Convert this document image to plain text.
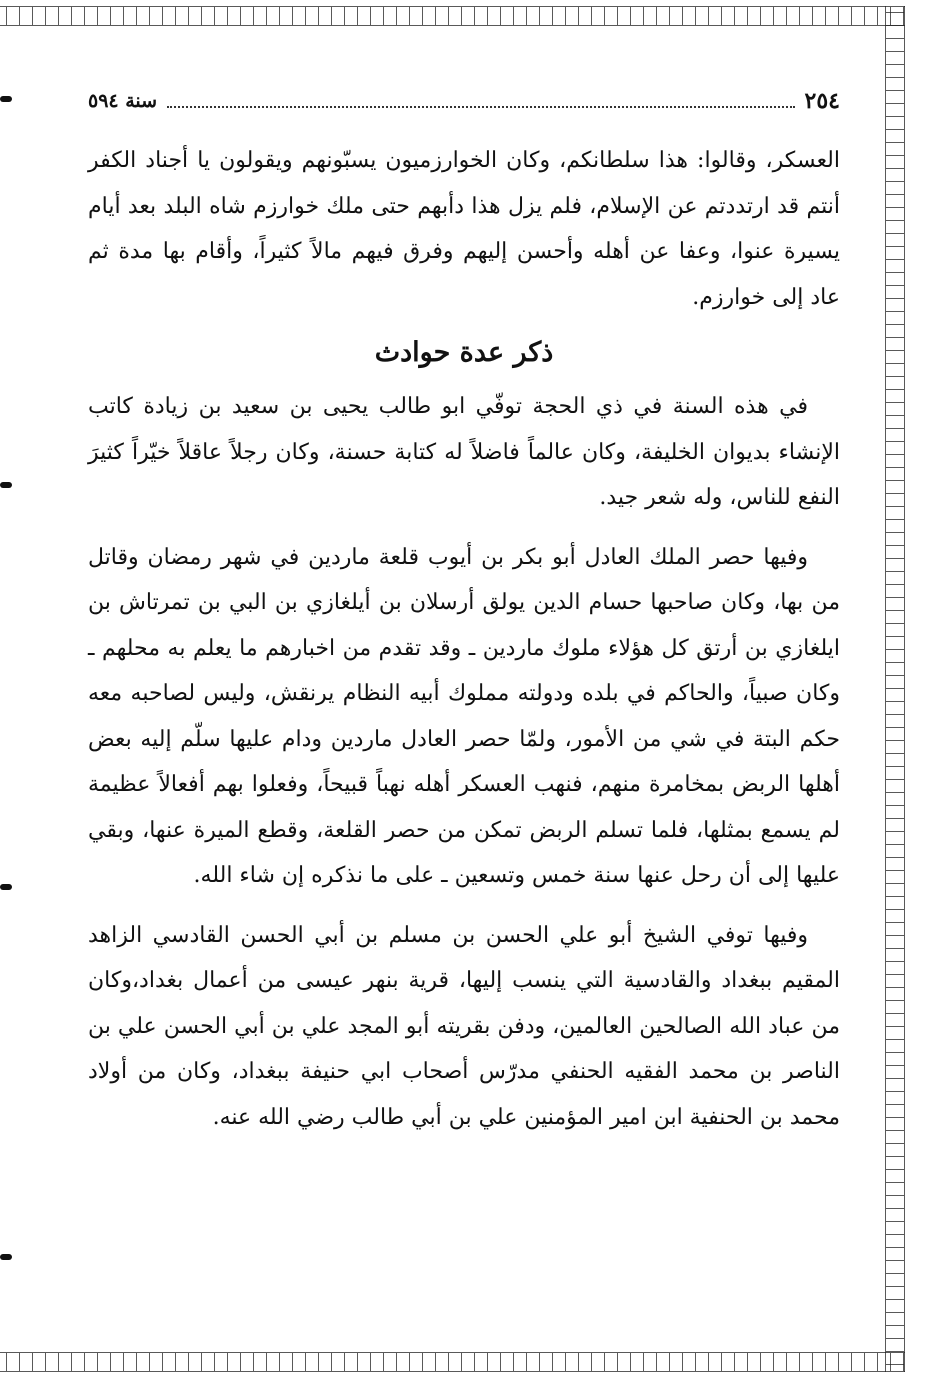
٢٥٤
سنة ٥٩٤

العسكر، وقالوا: هذا سلطانكم، وكان الخوارزميون يسبّونهم ويقولون يا أجناد الكفر أنتم قد ارتددتم عن الإسلام، فلم يزل هذا دأبهم حتى ملك خوارزم شاه البلد بعد أيام يسيرة عنوا، وعفا عن أهله وأحسن إليهم وفرق فيهم مالاً كثيراً، وأقام بها مدة ثم عاد إلى خوارزم.

ذكر عدة حوادث

في هذه السنة في ذي الحجة توفّي ابو طالب يحيى بن سعيد بن زيادة كاتب الإنشاء بديوان الخليفة، وكان عالماً فاضلاً له كتابة حسنة، وكان رجلاً عاقلاً خيّراً كثيرَ النفع للناس، وله شعر جيد.

وفيها حصر الملك العادل أبو بكر بن أيوب قلعة ماردين في شهر رمضان وقاتل من بها، وكان صاحبها حسام الدين يولق أرسلان بن أيلغازي بن البي بن تمرتاش بن ايلغازي بن أرتق كل هؤلاء ملوك ماردين ـ وقد تقدم من اخبارهم ما يعلم به محلهم ـ وكان صبياً، والحاكم في بلده ودولته مملوك أبيه النظام يرنقش، وليس لصاحبه معه حكم البتة في شي من الأمور، ولمّا حصر العادل ماردين ودام عليها سلّم إليه بعض أهلها الربض بمخامرة منهم، فنهب العسكر أهله نهباً قبيحاً، وفعلوا بهم أفعالاً عظيمة لم يسمع بمثلها، فلما تسلم الربض تمكن من حصر القلعة، وقطع الميرة عنها، وبقي عليها إلى أن رحل عنها سنة خمس وتسعين ـ على ما نذكره إن شاء الله.

وفيها توفي الشيخ أبو علي الحسن بن مسلم بن أبي الحسن القادسي الزاهد المقيم ببغداد والقادسية التي ينسب إليها، قرية بنهر عيسى من أعمال بغداد،وكان من عباد الله الصالحين العالمين، ودفن بقريته أبو المجد علي بن أبي الحسن علي بن الناصر بن محمد الفقيه الحنفي مدرّس أصحاب ابي حنيفة ببغداد، وكان من أولاد محمد بن الحنفية ابن امير المؤمنين علي بن أبي طالب رضي الله عنه.
